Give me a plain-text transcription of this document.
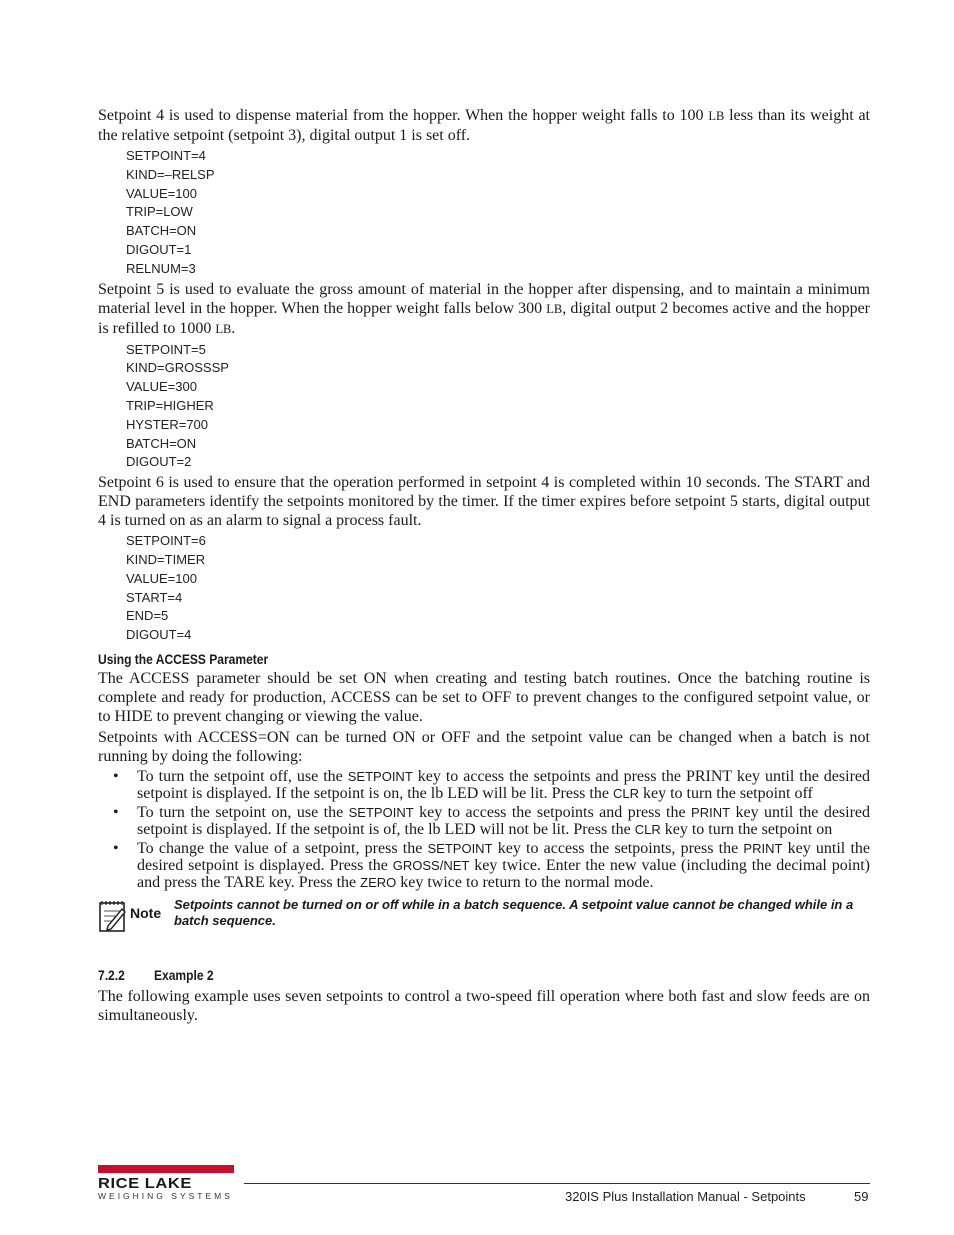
Setpoint 4 is used to dispense material from the hopper. When the hopper weight falls to 100 LB less than its weight at the relative setpoint (setpoint 3), digital output 1 is set off.

SETPOINT=4
KIND=–RELSP
VALUE=100
TRIP=LOW
BATCH=ON
DIGOUT=1
RELNUM=3

Setpoint 5 is used to evaluate the gross amount of material in the hopper after dispensing, and to maintain a minimum material level in the hopper. When the hopper weight falls below 300 LB, digital output 2 becomes active and the hopper is refilled to 1000 LB.

SETPOINT=5
KIND=GROSSSP
VALUE=300
TRIP=HIGHER
HYSTER=700
BATCH=ON
DIGOUT=2

Setpoint 6 is used to ensure that the operation performed in setpoint 4 is completed within 10 seconds. The START and END parameters identify the setpoints monitored by the timer. If the timer expires before setpoint 5 starts, digital output 4 is turned on as an alarm to signal a process fault.

SETPOINT=6
KIND=TIMER
VALUE=100
START=4
END=5
DIGOUT=4
Using the ACCESS Parameter

The ACCESS parameter should be set ON when creating and testing batch routines. Once the batching routine is complete and ready for production, ACCESS can be set to OFF to prevent changes to the configured setpoint value, or to HIDE to prevent changing or viewing the value.

Setpoints with ACCESS=ON can be turned ON or OFF and the setpoint value can be changed when a batch is not running by doing the following:

• To turn the setpoint off, use the SETPOINT key to access the setpoints and press the PRINT key until the desired setpoint is displayed. If the setpoint is on, the lb LED will be lit. Press the CLR key to turn the setpoint off
• To turn the setpoint on, use the SETPOINT key to access the setpoints and press the PRINT key until the desired setpoint is displayed. If the setpoint is of, the lb LED will not be lit. Press the CLR key to turn the setpoint on
• To change the value of a setpoint, press the SETPOINT key to access the setpoints, press the PRINT key until the desired setpoint is displayed. Press the GROSS/NET key twice. Enter the new value (including the decimal point) and press the TARE key. Press the ZERO key twice to return to the normal mode.
Note
Setpoints cannot be turned on or off while in a batch sequence. A setpoint value cannot be changed while in a batch sequence.
7.2.2 Example 2

The following example uses seven setpoints to control a two-speed fill operation where both fast and slow feeds are on simultaneously.

RICE LAKE
WEIGHING SYSTEMS	320IS Plus Installation Manual - Setpoints	59
